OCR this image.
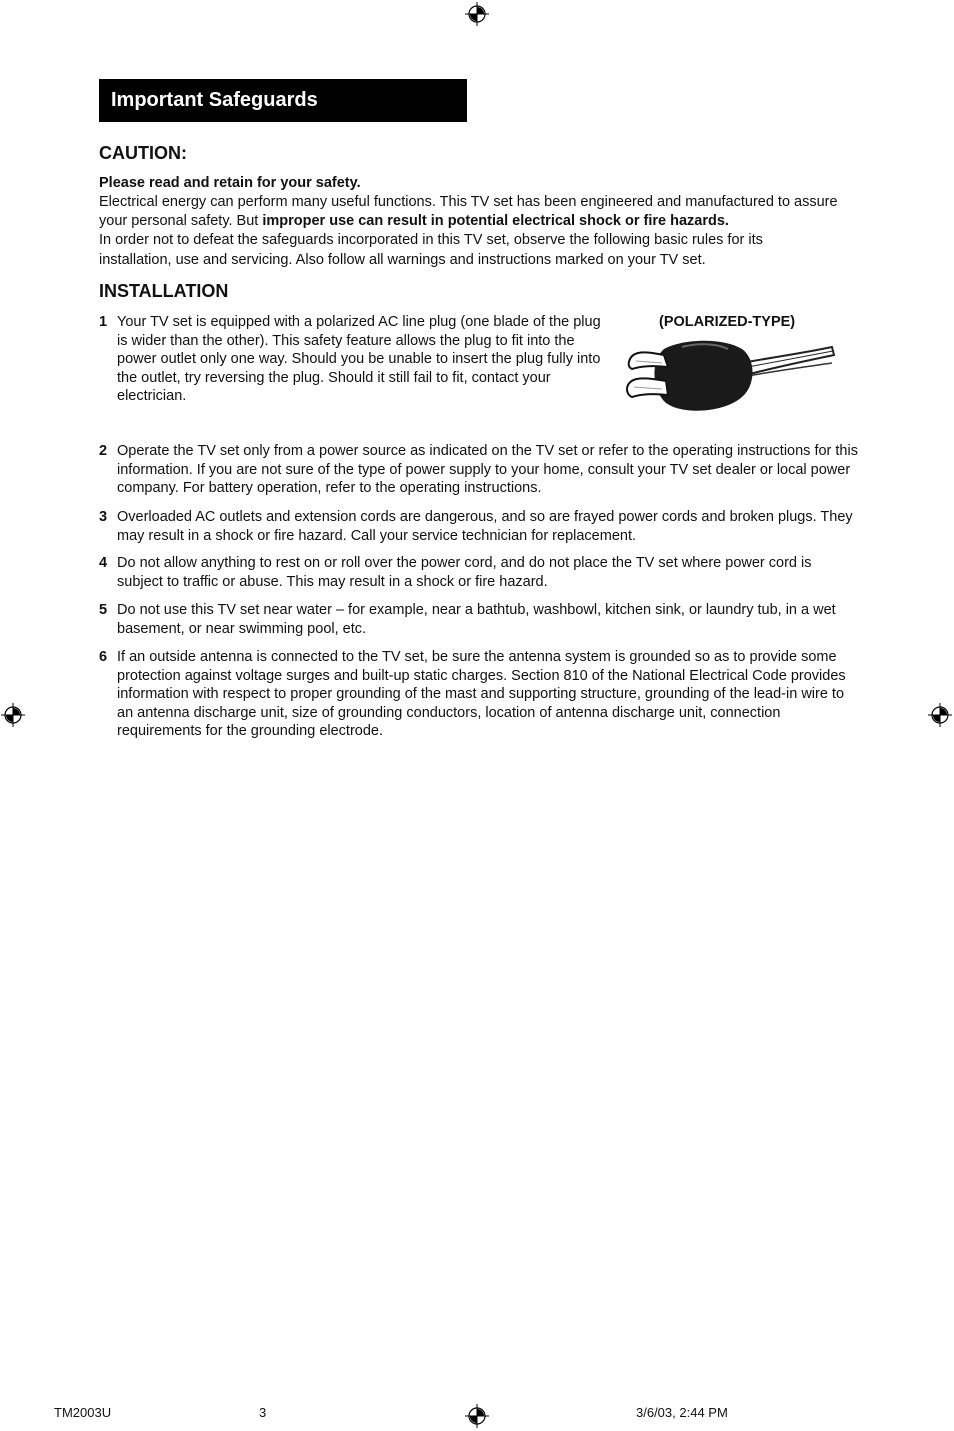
Important Safeguards
CAUTION:

Please read and retain for your safety.

Electrical energy can perform many useful functions. This TV set has been engineered and manufactured to assure your personal safety. But improper use can result in potential electrical shock or fire hazards.

In order not to defeat the safeguards incorporated in this TV set, observe the following basic rules for its

installation, use and servicing. Also follow all warnings and instructions marked on your TV set.

INSTALLATION
1 Your TV set is equipped with a polarized AC line plug (one blade of the plug is wider than the other). This safety feature allows the plug to fit into the power outlet only one way. Should you be unable to insert the plug fully into the outlet, try reversing the plug. Should it still fail to fit, contact your electrician.
(POLARIZED-TYPE)
2 Operate the TV set only from a power source as indicated on the TV set or refer to the operating instructions for this information. If you are not sure of the type of power supply to your home, consult your TV set dealer or local power company. For battery operation, refer to the operating instructions.
3 Overloaded AC outlets and extension cords are dangerous, and so are frayed power cords and broken plugs. They may result in a shock or fire hazard. Call your service technician for replacement.
4 Do not allow anything to rest on or roll over the power cord, and do not place the TV set where power cord is subject to traffic or abuse. This may result in a shock or fire hazard.
5 Do not use this TV set near water – for example, near a bathtub, washbowl, kitchen sink, or laundry tub, in a wet basement, or near swimming pool, etc.
6 If an outside antenna is connected to the TV set, be sure the antenna system is grounded so as to provide some protection against voltage surges and built-up static charges. Section 810 of the National Electrical Code provides information with respect to proper grounding of the mast and supporting structure, grounding of the lead-in wire to an antenna discharge unit, size of grounding conductors, location of antenna discharge unit, connection requirements for the grounding electrode.
TM2003U	3	3/6/03, 2:44 PM
